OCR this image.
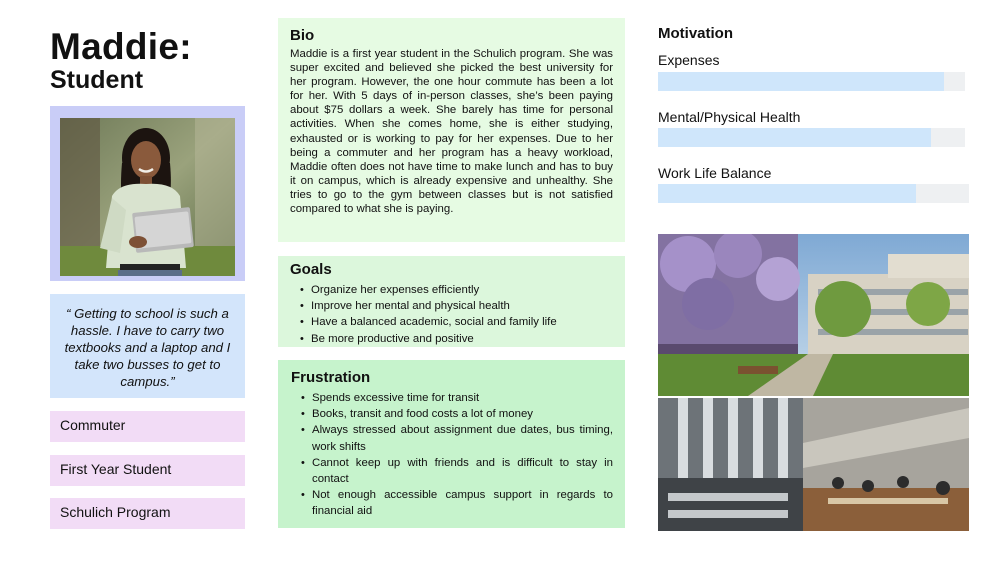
Maddie:
Student
“ Getting to school is such a hassle. I have to carry two textbooks and a laptop and I take two busses to get to campus.”
Commuter
First Year Student
Schulich Program
Bio

Maddie is a first year student in the Schulich program. She was super excited and believed she picked the best university for her program. However, the one hour commute has been a lot for her. With 5 days of in-person classes, she’s been paying about $75 dollars a week. She barely has time for personal activities. When she comes home, she is either studying, exhausted or is working to pay for her expenses. Due to her being a commuter and her program has a heavy workload, Maddie often does not have time to make lunch and has to buy it on campus, which is already expensive and unhealthy. She tries to go to the gym between classes but is not satisfied compared to what she is paying.

Goals
• Organize her expenses efficiently
• Improve her mental and physical health
• Have a balanced academic, social and family life
• Be more productive and positive
Frustration
• Spends excessive time for transit
• Books, transit and food costs a lot of money
• Always stressed about assignment due dates, bus timing, work shifts
• Cannot keep up with friends and is difficult to stay in contact
• Not enough accessible campus support in regards to financial aid
Motivation
Expenses
Mental/Physical Health
Work Life Balance
